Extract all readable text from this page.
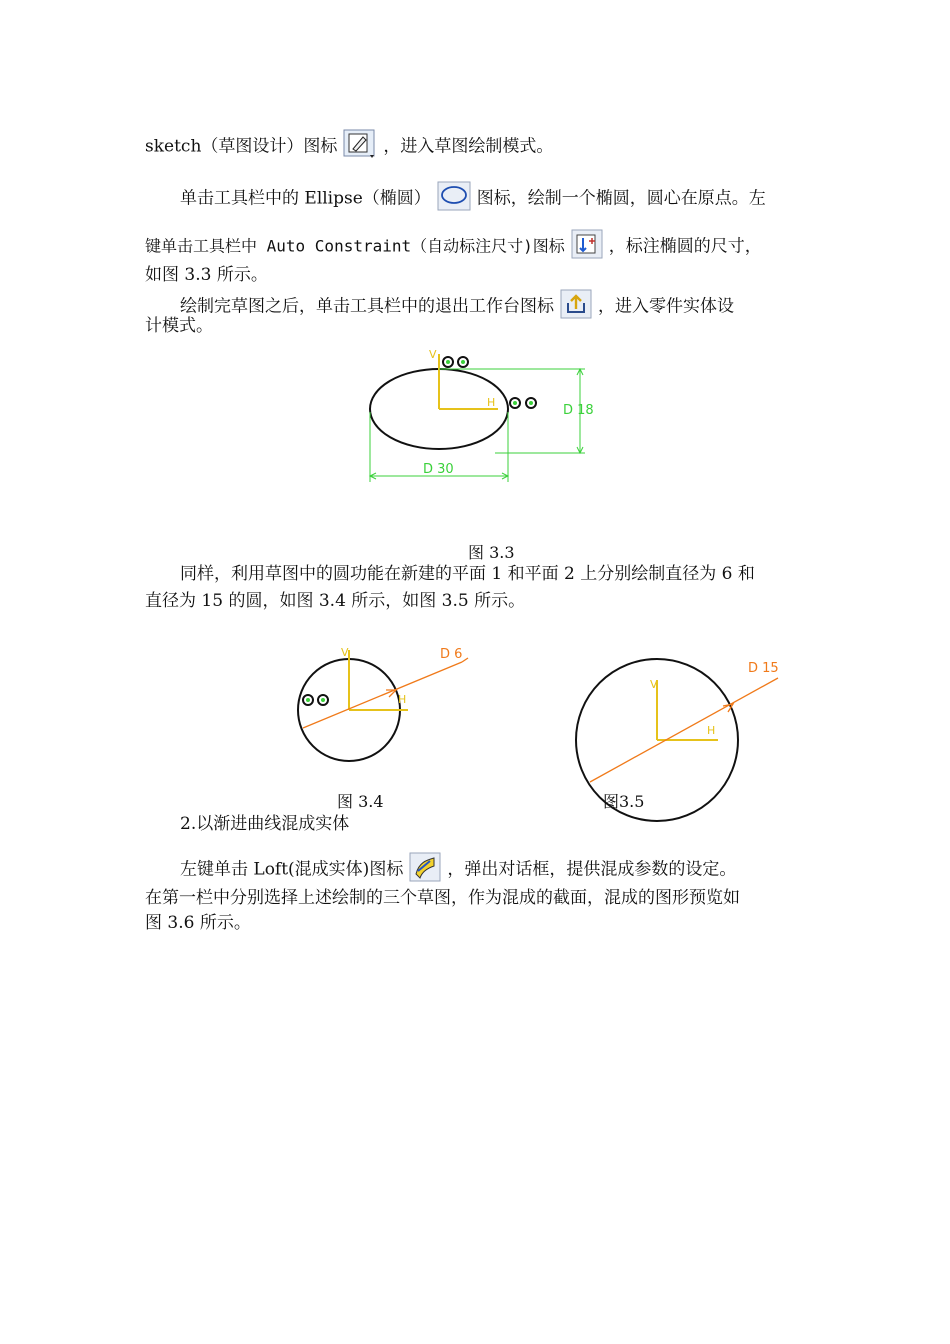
sketch（草图设计）图标	，进入草图绘制模式。
单击工具栏中的 Ellipse（椭圆）	图标，绘制一个椭圆，圆心在原点。左
键单击工具栏中 Auto Constraint（自动标注尺寸)图标	，标注椭圆的尺寸，
如图 3.3 所示。
绘制完草图之后，单击工具栏中的退出工作台图标	，进入零件实体设
计模式。
V
H
D 18
D 30
图 3.3
同样，利用草图中的圆功能在新建的平面 1 和平面 2 上分别绘制直径为 6 和
直径为 15 的圆，如图 3.4 所示，如图 3.5 所示。
V
H
D 6
V
H
D 15
图 3.4	图3.5
2.以渐进曲线混成实体
左键单击 Loft(混成实体)图标	，弹出对话框，提供混成参数的设定。
在第一栏中分别选择上述绘制的三个草图，作为混成的截面，混成的图形预览如
图 3.6 所示。
